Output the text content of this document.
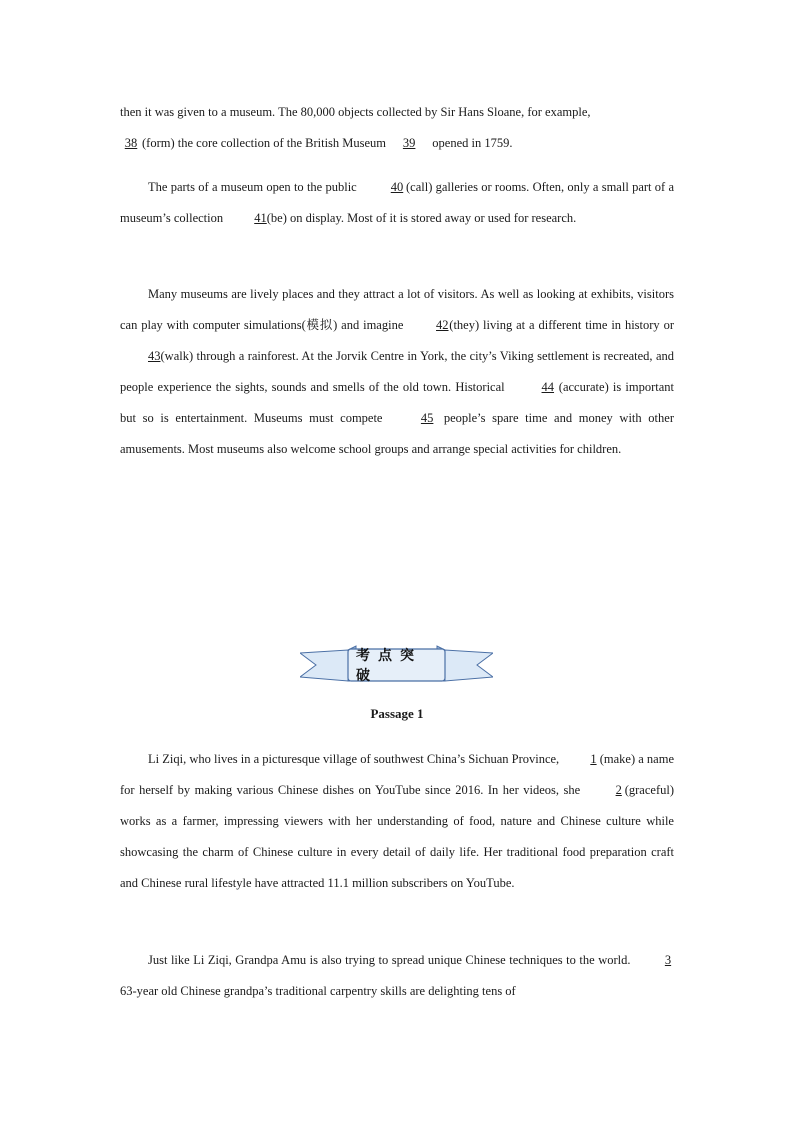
then it was given to a museum. The 80,000 objects collected by Sir Hans Sloane, for example,
38 (form) the core collection of the British Museum 39 opened in 1759.

The parts of a museum open to the public 40 (call) galleries or rooms. Often, only a small part of a museum’s collection 41(be) on display. Most of it is stored away or used for research.

Many museums are lively places and they attract a lot of visitors. As well as looking at exhibits, visitors can play with computer simulations(模拟) and imagine 42(they) living at a different time in history or 43(walk) through a rainforest. At the Jorvik Centre in York, the city’s Viking settlement is recreated, and people experience the sights, sounds and smells of the old town. Historical	44 (accurate) is important but so is entertainment. Museums must compete	45 people’s spare time and money with other amusements. Most museums also welcome school groups and arrange special activities for children.

考点突破
Passage 1

Li Ziqi, who lives in a picturesque village of southwest China’s Sichuan Province, 1 (make) a name for herself by making various Chinese dishes on YouTube since 2016. In her videos, she 2 (graceful) works as a farmer, impressing viewers with her understanding of food, nature and Chinese culture while showcasing the charm of Chinese culture in every detail of daily life. Her traditional food preparation craft and Chinese rural lifestyle have attracted 11.1 million subscribers on YouTube.

Just like Li Ziqi, Grandpa Amu is also trying to spread unique Chinese techniques to the world. 3 63-year old Chinese grandpa’s traditional carpentry skills are delighting tens of
